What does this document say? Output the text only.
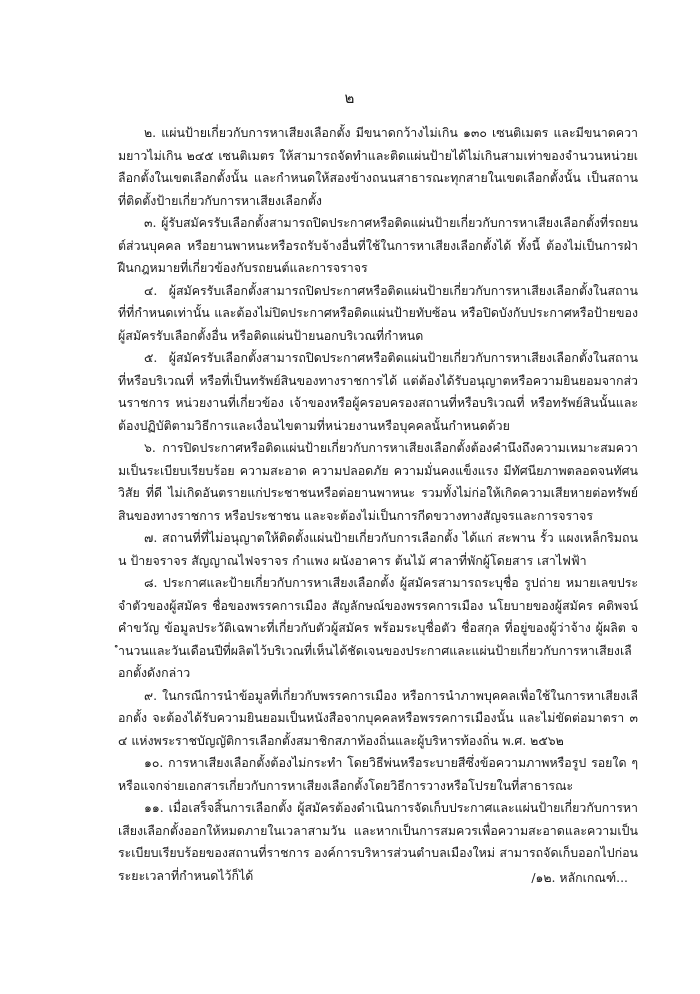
๒

๒. แผ่นป้ายเกี่ยวกับการหาเสียงเลือกตั้ง มีขนาดกว้างไม่เกิน ๑๓๐ เซนติเมตร และมีขนาดความยาวไม่เกิน ๒๔๕ เซนติเมตร ให้สามารถจัดทำและติดแผ่นป้ายได้ไม่เกินสามเท่าของจำนวนหน่วยเลือกตั้งในเขตเลือกตั้งนั้น และกำหนดให้สองข้างถนนสาธารณะทุกสายในเขตเลือกตั้งนั้น เป็นสถานที่ติดตั้งป้ายเกี่ยวกับการหาเสียงเลือกตั้ง

๓. ผู้รับสมัครรับเลือกตั้งสามารถปิดประกาศหรือติดแผ่นป้ายเกี่ยวกับการหาเสียงเลือกตั้งที่รถยนต์ส่วนบุคคล หรือยานพาหนะหรือรถรับจ้างอื่นที่ใช้ในการหาเสียงเลือกตั้งได้ ทั้งนี้ ต้องไม่เป็นการฝ่าฝืนกฎหมายที่เกี่ยวข้องกับรถยนต์และการจราจร

๔. ผู้สมัครรับเลือกตั้งสามารถปิดประกาศหรือติดแผ่นป้ายเกี่ยวกับการหาเสียงเลือกตั้งในสถานที่ที่กำหนดเท่านั้น และต้องไม่ปิดประกาศหรือติดแผ่นป้ายทับซ้อน หรือปิดบังกับประกาศหรือป้ายของผู้สมัครรับเลือกตั้งอื่น หรือติดแผ่นป้ายนอกบริเวณที่กำหนด

๕. ผู้สมัครรับเลือกตั้งสามารถปิดประกาศหรือติดแผ่นป้ายเกี่ยวกับการหาเสียงเลือกตั้งในสถานที่หรือบริเวณที่ หรือที่เป็นทรัพย์สินของทางราชการได้ แต่ต้องได้รับอนุญาตหรือความยินยอมจากส่วนราชการ หน่วยงานที่เกี่ยวข้อง เจ้าของหรือผู้ครอบครองสถานที่หรือบริเวณที่ หรือทรัพย์สินนั้นและต้องปฏิบัติตามวิธีการและเงื่อนไขตามที่หน่วยงานหรือบุคคลนั้นกำหนดด้วย

๖. การปิดประกาศหรือติดแผ่นป้ายเกี่ยวกับการหาเสียงเลือกตั้งต้องคำนึงถึงความเหมาะสมความเป็นระเบียบเรียบร้อย ความสะอาด ความปลอดภัย ความมั่นคงแข็งแรง มีทัศนียภาพตลอดจนทัศนวิสัย ที่ดี ไม่เกิดอันตรายแก่ประชาชนหรือต่อยานพาหนะ รวมทั้งไม่ก่อให้เกิดความเสียหายต่อทรัพย์สินของทางราชการ หรือประชาชน และจะต้องไม่เป็นการกีดขวางทางสัญจรและการจราจร

๗. สถานที่ที่ไม่อนุญาตให้ติดตั้งแผ่นป้ายเกี่ยวกับการเลือกตั้ง ได้แก่ สะพาน รั้ว แผงเหล็กริมถนน ป้ายจราจร สัญญาณไฟจราจร กำแพง ผนังอาคาร ต้นไม้ ศาลาที่พักผู้โดยสาร เสาไฟฟ้า

๘. ประกาศและป้ายเกี่ยวกับการหาเสียงเลือกตั้ง ผู้สมัครสามารถระบุชื่อ รูปถ่าย หมายเลขประจำตัวของผู้สมัคร ชื่อของพรรคการเมือง สัญลักษณ์ของพรรคการเมือง นโยบายของผู้สมัคร คติพจน์คำขวัญ ข้อมูลประวัติเฉพาะที่เกี่ยวกับตัวผู้สมัคร พร้อมระบุชื่อตัว ชื่อสกุล ที่อยู่ของผู้ว่าจ้าง ผู้ผลิต จำนวนและวันเดือนปีที่ผลิตไว้บริเวณที่เห็นได้ชัดเจนของประกาศและแผ่นป้ายเกี่ยวกับการหาเสียงเลือกตั้งดังกล่าว

๙. ในกรณีการนำข้อมูลที่เกี่ยวกับพรรคการเมือง หรือการนำภาพบุคคลเพื่อใช้ในการหาเสียงเลือกตั้ง จะต้องได้รับความยินยอมเป็นหนังสือจากบุคคลหรือพรรคการเมืองนั้น และไม่ขัดต่อมาตรา ๓๔ แห่งพระราชบัญญัติการเลือกตั้งสมาชิกสภาท้องถิ่นและผู้บริหารท้องถิ่น พ.ศ. ๒๕๖๒

๑๐. การหาเสียงเลือกตั้งต้องไม่กระทำ โดยวิธีพ่นหรือระบายสีซึ่งข้อความภาพหรือรูป รอยใด ๆ หรือแจกจ่ายเอกสารเกี่ยวกับการหาเสียงเลือกตั้งโดยวิธีการวางหรือโปรยในที่สาธารณะ

๑๑. เมื่อเสร็จสิ้นการเลือกตั้ง ผู้สมัครต้องดำเนินการจัดเก็บประกาศและแผ่นป้ายเกี่ยวกับการหาเสียงเลือกตั้งออกให้หมดภายในเวลาสามวัน และหากเป็นการสมควรเพื่อความสะอาดและความเป็นระเบียบเรียบร้อยของสถานที่ราชการ องค์การบริหารส่วนตำบลเมืองใหม่ สามารถจัดเก็บออกไปก่อนระยะเวลาที่กำหนดไว้ก็ได้	/๑๒. หลักเกณฑ์...
